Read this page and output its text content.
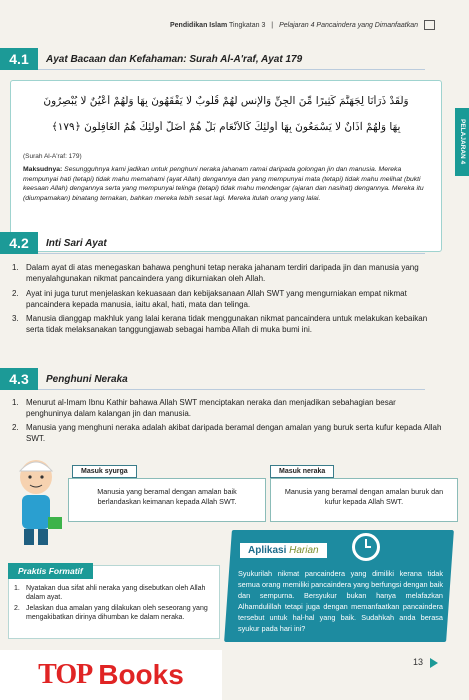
Pendidikan Islam Tingkatan 3 | Pelajaran 4 Pancaindera yang Dimanfaatkan
PELAJARAN 4
4.1	Ayat Bacaan dan Kefahaman: Surah Al-A'raf, Ayat 179
وَلَقَدْ ذَرَأْنَا لِجَهَنَّمَ كَثِيرًا مِّنَ الْجِنِّ وَالْإِنسِ لَهُمْ قُلُوبٌ لَّا يَفْقَهُونَ بِهَا وَلَهُمْ أَعْيُنٌ لَّا يُبْصِرُونَ
بِهَا وَلَهُمْ آذَانٌ لَّا يَسْمَعُونَ بِهَا أُولَٰئِكَ كَالْأَنْعَامِ بَلْ هُمْ أَضَلُّ أُولَٰئِكَ هُمُ الْغَافِلُونَ ﴿١٧٩﴾
(Surah Al-A'raf: 179)
Maksudnya: Sesungguhnya kami jadikan untuk penghuni neraka jahanam ramai daripada golongan jin dan manusia. Mereka mempunyai hati (tetapi) tidak mahu memahami (ayat Allah) dengannya dan yang mempunyai mata (tetapi) tidak mahu melihat (bukti keesaan Allah) dengannya serta yang mempunyai telinga (tetapi) tidak mahu mendengar (ajaran dan nasihat) dengannya. Mereka itu (diumpamakan) binatang ternakan, bahkan mereka lebih sesat lagi. Mereka itulah orang yang lalai.
4.2	Inti Sari Ayat
1. Dalam ayat di atas menegaskan bahawa penghuni tetap neraka jahanam terdiri daripada jin dan manusia yang menyalahgunakan nikmat pancaindera yang dikurniakan oleh Allah.
2. Ayat ini juga turut menjelaskan kekuasaan dan kebijaksanaan Allah SWT yang mengurniakan empat nikmat pancaindera kepada manusia, iaitu akal, hati, mata dan telinga.
3. Manusia dianggap makhluk yang lalai kerana tidak menggunakan nikmat pancaindera untuk melakukan kebaikan serta tidak melaksanakan tanggungjawab sebagai hamba Allah di muka bumi ini.
4.3	Penghuni Neraka
1. Menurut al-Imam Ibnu Kathir bahawa Allah SWT menciptakan neraka dan menjadikan sebahagian besar penghuninya dalam kalangan jin dan manusia.
2. Manusia yang menghuni neraka adalah akibat daripada beramal dengan amalan yang buruk serta kufur kepada Allah SWT.
Manusia yang beramal dengan amalan baik berlandaskan keimanan kepada Allah SWT.
Masuk syurga
Manusia yang beramal dengan amalan buruk dan kufur kepada Allah SWT.
Masuk neraka
Praktis Formatif
1. Nyatakan dua sifat ahli neraka yang disebutkan oleh Allah dalam ayat.
2. Jelaskan dua amalan yang dilakukan oleh seseorang yang mengakibatkan dirinya dihumban ke dalam neraka.
Aplikasi Harian
Syukurilah nikmat pancaindera yang dimiliki kerana tidak semua orang memiliki pancaindera yang berfungsi dengan baik dan sempurna. Bersyukur bukan hanya melafazkan Alhamdulillah tetapi juga dengan memanfaatkan pancaindera tersebut untuk hal-hal yang baik. Sudahkah anda berasa syukur pada hari ini?
TOP Books	13
